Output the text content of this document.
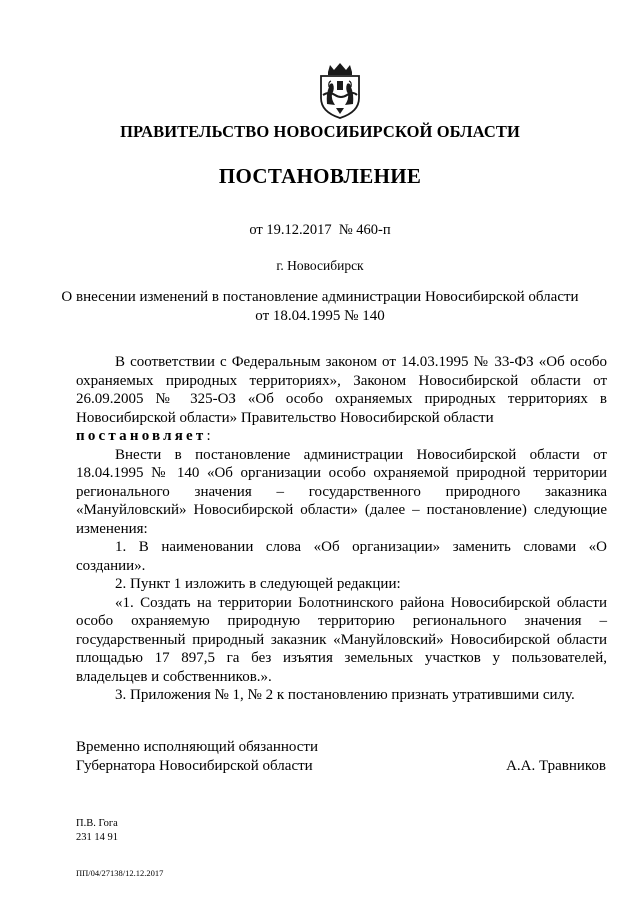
ПРАВИТЕЛЬСТВО НОВОСИБИРСКОЙ ОБЛАСТИ
ПОСТАНОВЛЕНИЕ
от 19.12.2017  № 460-п
г. Новосибирск
О внесении изменений в постановление администрации Новосибирской области
от 18.04.1995 № 140

В соответствии с Федеральным законом от 14.03.1995 № 33-ФЗ «Об особо охраняемых природных территориях», Законом Новосибирской области от 26.09.2005 № 325-ОЗ «Об особо охраняемых природных территориях в Новосибирской области» Правительство Новосибирской области
постановляет:

Внести в постановление администрации Новосибирской области от 18.04.1995 № 140 «Об организации особо охраняемой природной территории регионального значения – государственного природного заказника «Мануйловский» Новосибирской области» (далее – постановление) следующие изменения:

1. В наименовании слова «Об организации» заменить словами «О создании».

2. Пункт 1 изложить в следующей редакции:

«1. Создать на территории Болотнинского района Новосибирской области особо охраняемую природную территорию регионального значения – государственный природный заказник «Мануйловский» Новосибирской области площадью 17 897,5 га без изъятия земельных участков у пользователей, владельцев и собственников.».

3. Приложения № 1, № 2 к постановлению признать утратившими силу.

Временно исполняющий обязанности
Губернатора Новосибирской области	А.А. Травников
П.В. Гога
231 14 91
ПП/04/27138/12.12.2017
